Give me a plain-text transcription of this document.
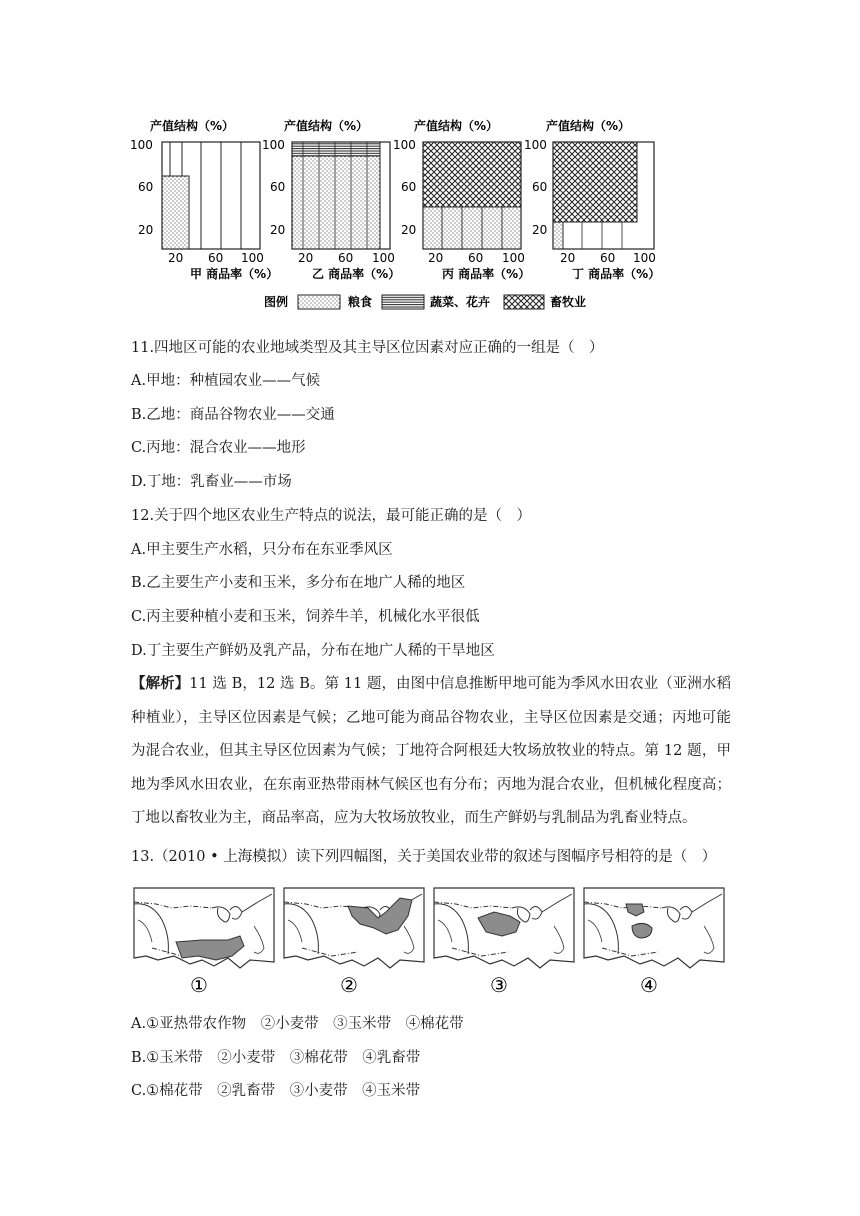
产值结构（%）
100
60
20
20 60 100
甲 商品率（%）
产值结构（%）
100
60
20
20 60 100
乙 商品率（%）
产值结构（%）
100
60
20
20 60 100
丙 商品率（%）
产值结构（%）
100
60
20
20 60 100
丁 商品率（%）
图例	粮食	蔬菜、花卉	畜牧业
11.四地区可能的农业地域类型及其主导区位因素对应正确的一组是（　）
A.甲地：种植园农业——气候
B.乙地：商品谷物农业——交通
C.丙地：混合农业——地形
D.丁地：乳畜业——市场
12.关于四个地区农业生产特点的说法，最可能正确的是（　）
A.甲主要生产水稻，只分布在东亚季风区
B.乙主要生产小麦和玉米，多分布在地广人稀的地区
C.丙主要种植小麦和玉米，饲养牛羊，机械化水平很低
D.丁主要生产鲜奶及乳产品，分布在地广人稀的干旱地区
【解析】11 选 B，12 选 B。第 11 题，由图中信息推断甲地可能为季风水田农业（亚洲水稻种植业），主导区位因素是气候；乙地可能为商品谷物农业，主导区位因素是交通；丙地可能为混合农业，但其主导区位因素为气候；丁地符合阿根廷大牧场放牧业的特点。第 12 题，甲地为季风水田农业，在东南亚热带雨林气候区也有分布；丙地为混合农业，但机械化程度高；丁地以畜牧业为主，商品率高，应为大牧场放牧业，而生产鲜奶与乳制品为乳畜业特点。
13.（2010 • 上海模拟）读下列四幅图，关于美国农业带的叙述与图幅序号相符的是（　）
①	②	③	④
A.①亚热带农作物　②小麦带　③玉米带　④棉花带
B.①玉米带　②小麦带　③棉花带　④乳畜带
C.①棉花带　②乳畜带　③小麦带　④玉米带
